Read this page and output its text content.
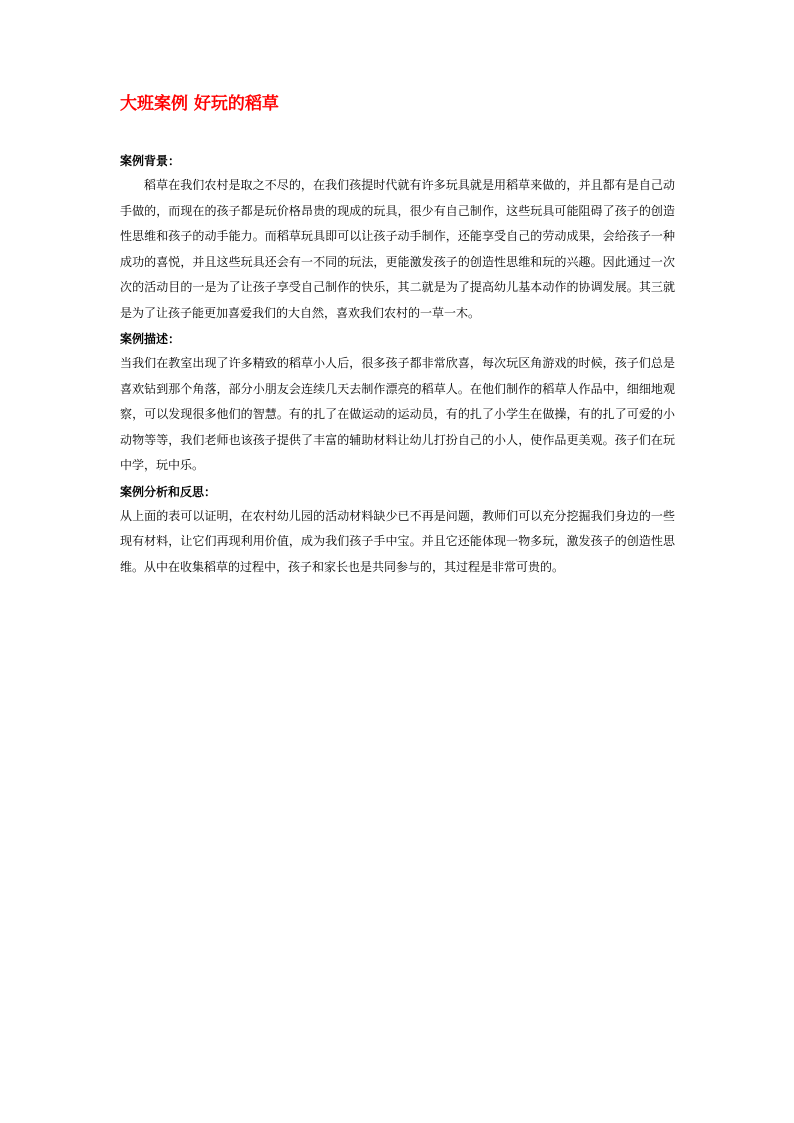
大班案例 好玩的稻草
案例背景：

稻草在我们农村是取之不尽的，在我们孩提时代就有许多玩具就是用稻草来做的，并且都有是自己动手做的，而现在的孩子都是玩价格昂贵的现成的玩具，很少有自己制作，这些玩具可能阻碍了孩子的创造性思维和孩子的动手能力。而稻草玩具即可以让孩子动手制作，还能享受自己的劳动成果，会给孩子一种成功的喜悦，并且这些玩具还会有一不同的玩法，更能激发孩子的创造性思维和玩的兴趣。因此通过一次次的活动目的一是为了让孩子享受自己制作的快乐，其二就是为了提高幼儿基本动作的协调发展。其三就是为了让孩子能更加喜爱我们的大自然，喜欢我们农村的一草一木。

案例描述：

当我们在教室出现了许多精致的稻草小人后，很多孩子都非常欣喜，每次玩区角游戏的时候，孩子们总是喜欢钻到那个角落，部分小朋友会连续几天去制作漂亮的稻草人。在他们制作的稻草人作品中，细细地观察，可以发现很多他们的智慧。有的扎了在做运动的运动员，有的扎了小学生在做操，有的扎了可爱的小动物等等，我们老师也该孩子提供了丰富的辅助材料让幼儿打扮自己的小人，使作品更美观。孩子们在玩中学，玩中乐。

案例分析和反思：

从上面的表可以证明，在农村幼儿园的活动材料缺少已不再是问题，教师们可以充分挖掘我们身边的一些现有材料，让它们再现利用价值，成为我们孩子手中宝。并且它还能体现一物多玩，激发孩子的创造性思维。从中在收集稻草的过程中，孩子和家长也是共同参与的，其过程是非常可贵的。
